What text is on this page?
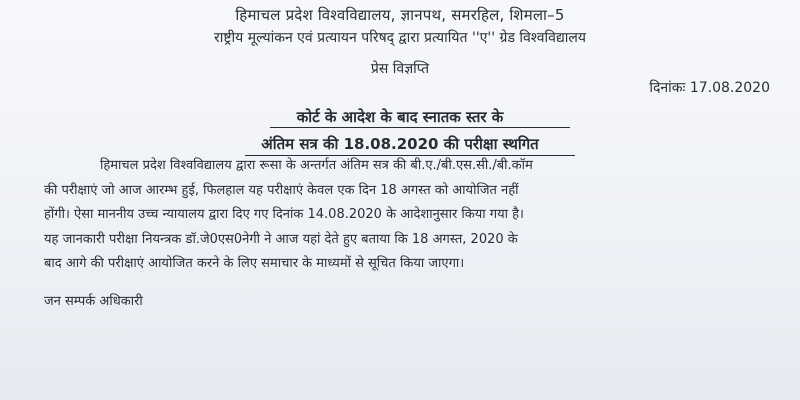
हिमाचल प्रदेश विश्वविद्यालय, ज्ञानपथ, समरहिल, शिमला–5
राष्ट्रीय मूल्यांकन एवं प्रत्यायन परिषद् द्वारा प्रत्यायित ''ए'' ग्रेड विश्वविद्यालय
प्रेस विज्ञप्ति
दिनांकः 17.08.2020
कोर्ट के आदेश के बाद स्नातक स्तर के
अंतिम सत्र की 18.08.2020 की परीक्षा स्थगित
हिमाचल प्रदेश विश्वविद्यालय द्वारा रूसा के अन्तर्गत अंतिम सत्र की बी.ए./बी.एस.सी./बी.कॉम
की परीक्षाएं जो आज आरम्भ हुई, फिलहाल यह परीक्षाएं केवल एक दिन 18 अगस्त को आयोजित नहीं
होंगी। ऐसा माननीय उच्च न्यायालय द्वारा दिए गए दिनांक 14.08.2020 के आदेशानुसार किया गया है।
यह जानकारी परीक्षा नियन्त्रक डॉ.जे0एस0नेगी ने आज यहां देते हुए बताया कि 18 अगस्त, 2020 के
बाद आगे की परीक्षाएं आयोजित करने के लिए समाचार के माध्यमों से सूचित किया जाएगा।
जन सम्पर्क अधिकारी
